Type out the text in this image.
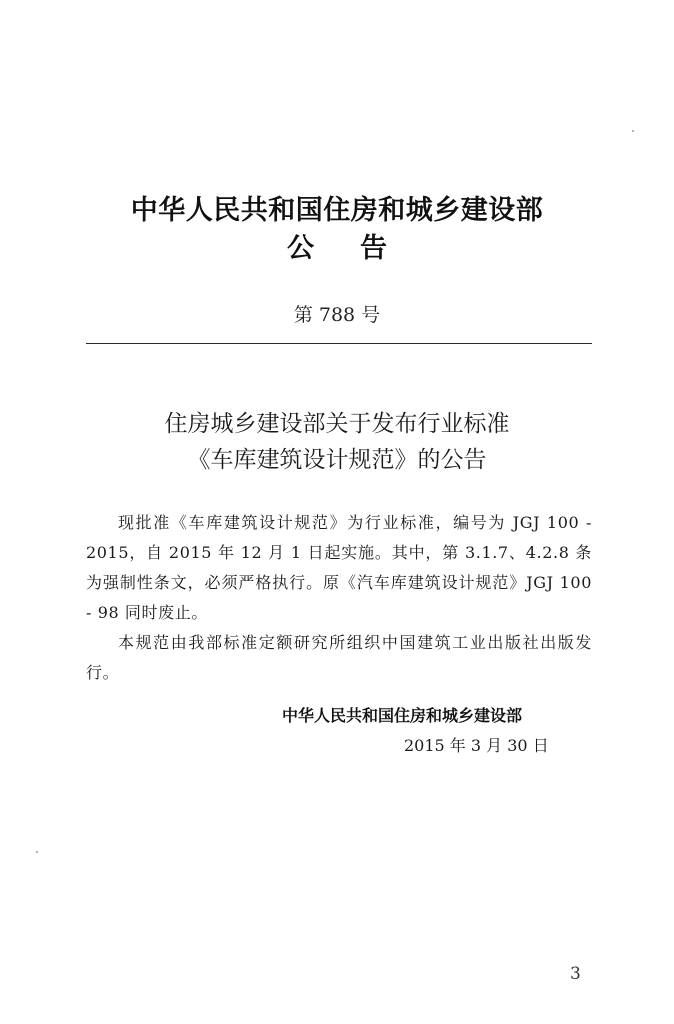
中华人民共和国住房和城乡建设部
公告
第 788 号
住房城乡建设部关于发布行业标准
《车库建筑设计规范》的公告

现批准《车库建筑设计规范》为行业标准，编号为 JGJ 100 - 2015，自 2015 年 12 月 1 日起实施。其中，第 3.1.7、4.2.8 条为强制性条文，必须严格执行。原《汽车库建筑设计规范》JGJ 100 - 98 同时废止。

本规范由我部标准定额研究所组织中国建筑工业出版社出版发行。

中华人民共和国住房和城乡建设部
2015 年 3 月 30 日
3
